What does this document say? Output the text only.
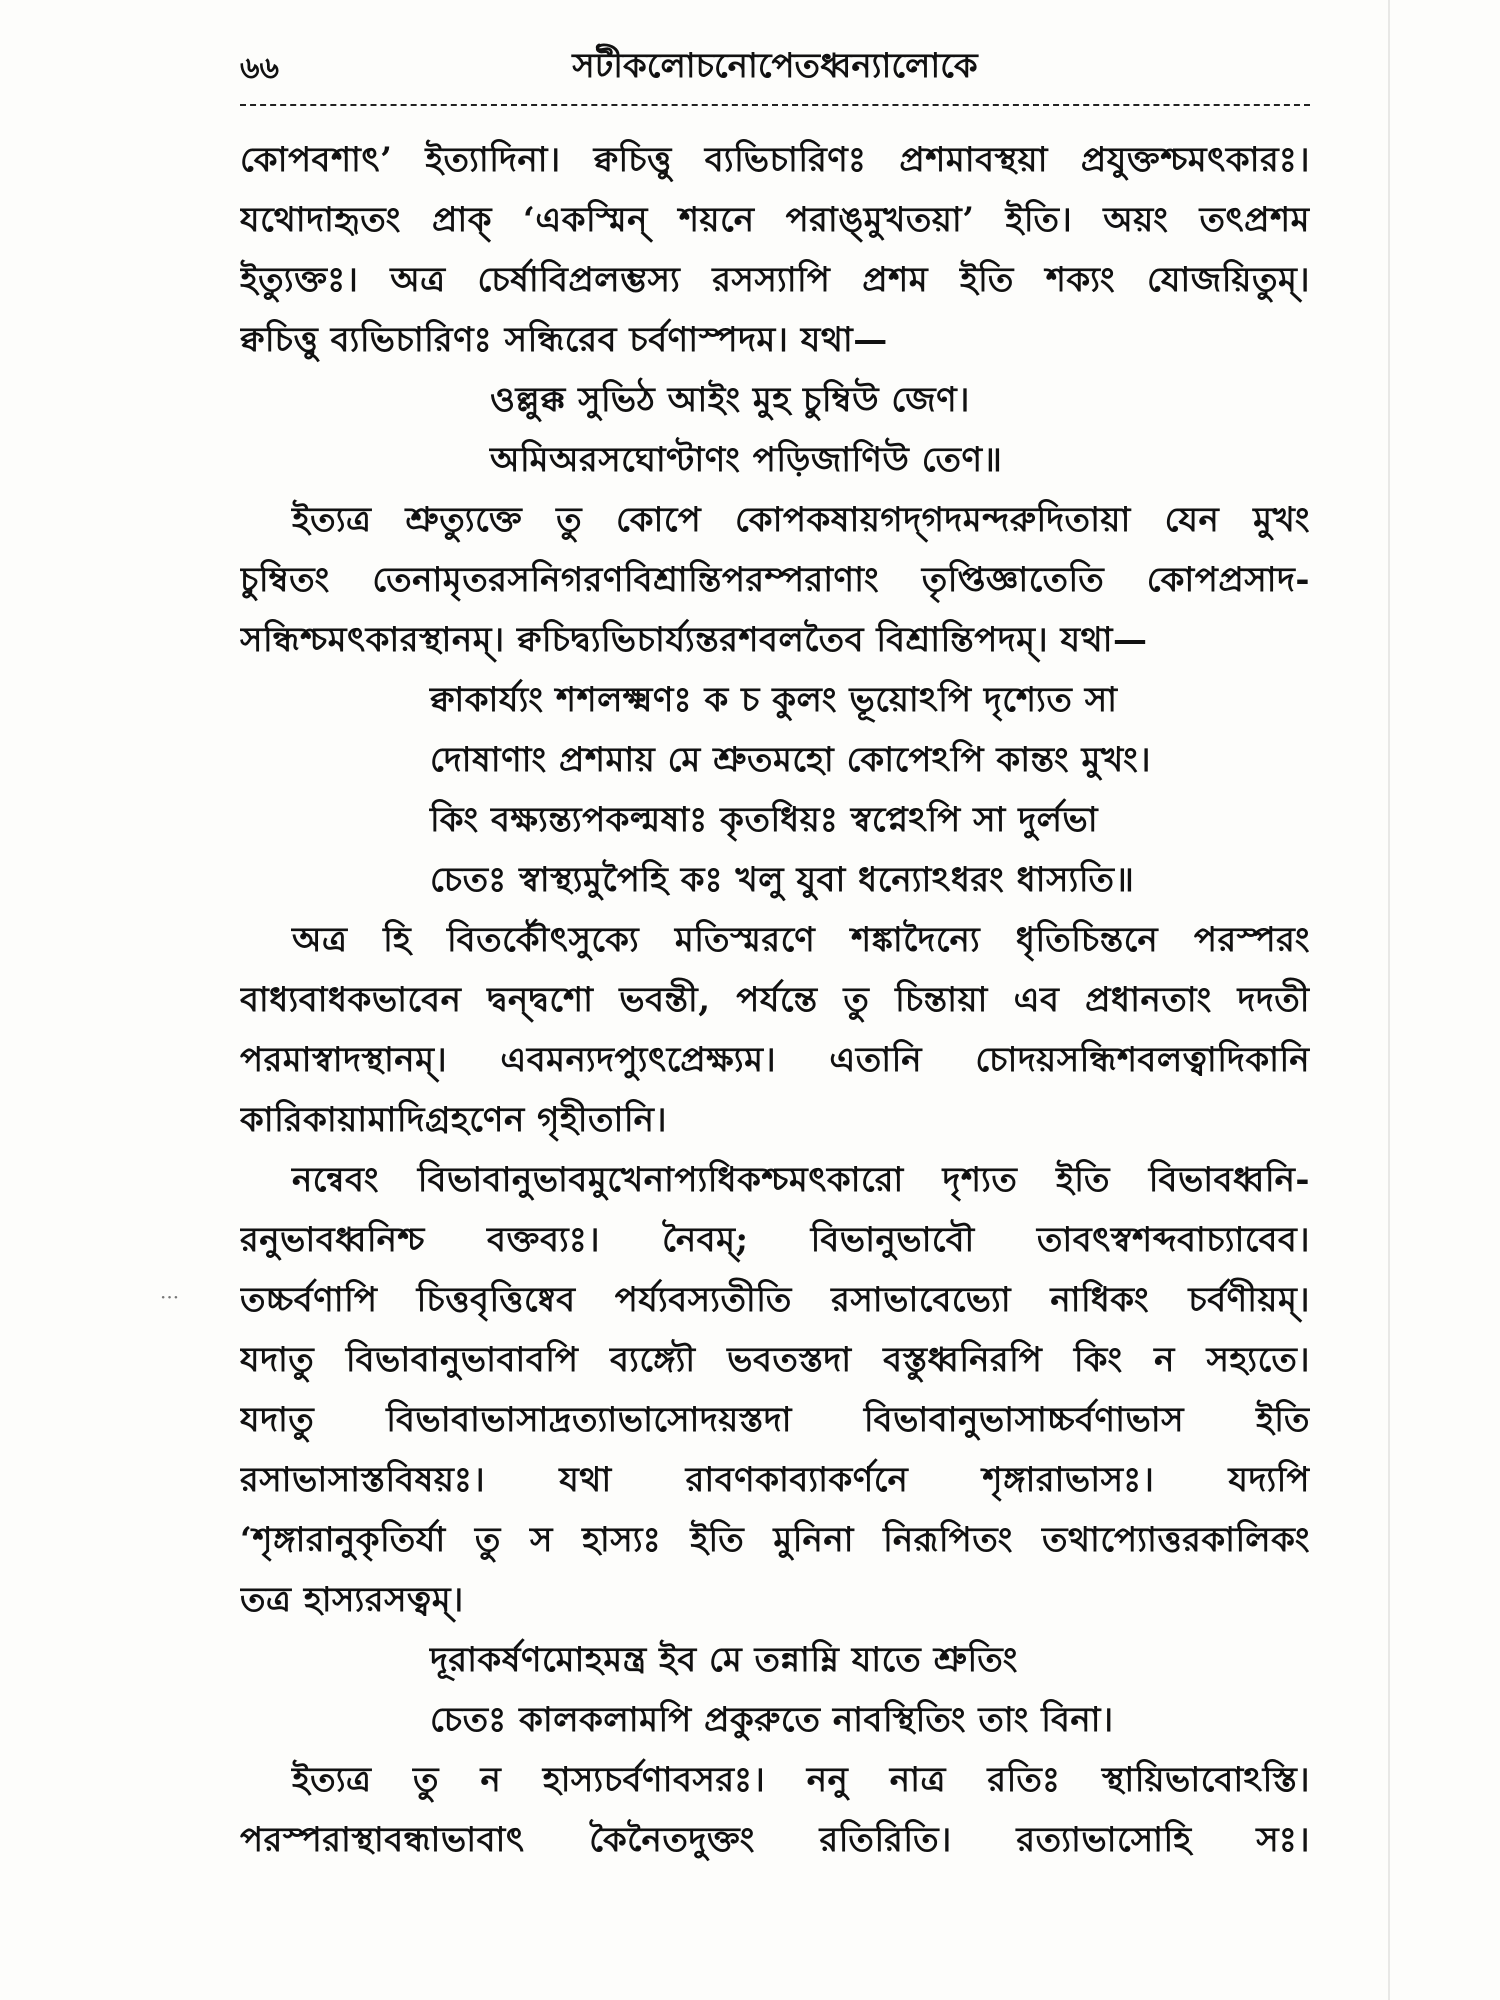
৬৬	সটীকলোচনোপেতধ্বন্যালোকে
···
কোপবশাৎ’ ইত্যাদিনা। ক্বচিত্তু ব্যভিচারিণঃ প্রশমাবস্থয়া প্রযুক্তশ্চমৎকারঃ।
যথোদাহৃতং প্রাক্‌ ‘একস্মিন্‌ শয়নে পরাঙ্‌মুখতয়া’ ইতি। অয়ং তৎপ্রশম
ইত্যুক্তঃ। অত্র চের্ষাবিপ্রলম্ভস্য রসস্যাপি প্রশম ইতি শক্যং যোজয়িতুম্‌।
ক্বচিত্তু ব্যভিচারিণঃ সন্ধিরেব চর্বণাস্পদম। যথা—
ওল্লুক্ক সুভিঠ আইং মুহ চুম্বিউ জেণ।
অমিঅরসঘোণ্টাণং পড়িজাণিউ তেণ॥
ইত্যত্র শ্রুত্যুক্তে তু কোপে কোপকষায়গদ্‌গদমন্দরুদিতায়া যেন মুখং
চুম্বিতং তেনামৃতরসনিগরণবিশ্রান্তিপরম্পরাণাং তৃপ্তিজ্ঞাতেতি কোপপ্রসাদ-
সন্ধিশ্চমৎকারস্থানম্‌। ক্বচিদ্ব্যভিচার্য্যন্তরশবলতৈব বিশ্রান্তিপদম্‌। যথা—
ক্বাকার্য্যং শশলক্ষ্মণঃ ক চ কুলং ভূয়োঽপি দৃশ্যেত সা
দোষাণাং প্রশমায় মে শ্রুতমহো কোপেঽপি কান্তং মুখং।
কিং বক্ষ্যন্ত্যপকল্মষাঃ কৃতধিয়ঃ স্বপ্নেঽপি সা দুর্লভা
চেতঃ স্বাস্থ্যমুপৈহি কঃ খলু যুবা ধন্যোঽধরং ধাস্যতি॥
অত্র হি বিতর্কৌৎসুক্যে মতিস্মরণে শঙ্কাদৈন্যে ধৃতিচিন্তনে পরস্পরং
বাধ্যবাধকভাবেন দ্বন্দ্বশো ভবন্তী, পর্যন্তে তু চিন্তায়া এব প্রধানতাং দদতী
পরমাস্বাদস্থানম্‌। এবমন্যদপ্যুৎপ্রেক্ষ্যম। এতানি চোদয়সন্ধিশবলত্বাদিকানি
কারিকায়ামাদিগ্রহণেন গৃহীতানি।
নন্বেবং বিভাবানুভাবমুখেনাপ্যধিকশ্চমৎকারো দৃশ্যত ইতি বিভাবধ্বনি-
রনুভাবধ্বনিশ্চ বক্তব্যঃ। নৈবম্‌; বিভানুভাবৌ তাবৎস্বশব্দবাচ্যাবেব।
তচ্চর্বণাপি চিত্তবৃত্তিষ্বেব পর্য্যবস্যতীতি রসাভাবেভ্যো নাধিকং চর্বণীয়ম্‌।
যদাতু বিভাবানুভাবাবপি ব্যঙ্গ্যৌ ভবতস্তদা বস্তুধ্বনিরপি কিং ন সহ্যতে।
যদাতু বিভাবাভাসাদ্রত্যাভাসোদয়স্তদা বিভাবানুভাসাচ্চর্বণাভাস ইতি
রসাভাসাস্তবিষয়ঃ। যথা রাবণকাব্যাকর্ণনে শৃঙ্গারাভাসঃ। যদ্যপি
‘শৃঙ্গারানুকৃতির্যা তু স হাস্যঃ ইতি মুনিনা নিরূপিতং তথাপ্যোত্তরকালিকং
তত্র হাস্যরসত্বম্‌।
দূরাকর্ষণমোহমন্ত্র ইব মে তন্নাম্নি যাতে শ্রুতিং
চেতঃ কালকলামপি প্রকুরুতে নাবস্থিতিং তাং বিনা।
ইত্যত্র তু ন হাস্যচর্বণাবসরঃ। ননু নাত্র রতিঃ স্থায়িভাবোঽস্তি।
পরস্পরাস্থাবন্ধাভাবাৎ কৈনৈতদুক্তং রতিরিতি। রত্যাভাসোহি সঃ।
